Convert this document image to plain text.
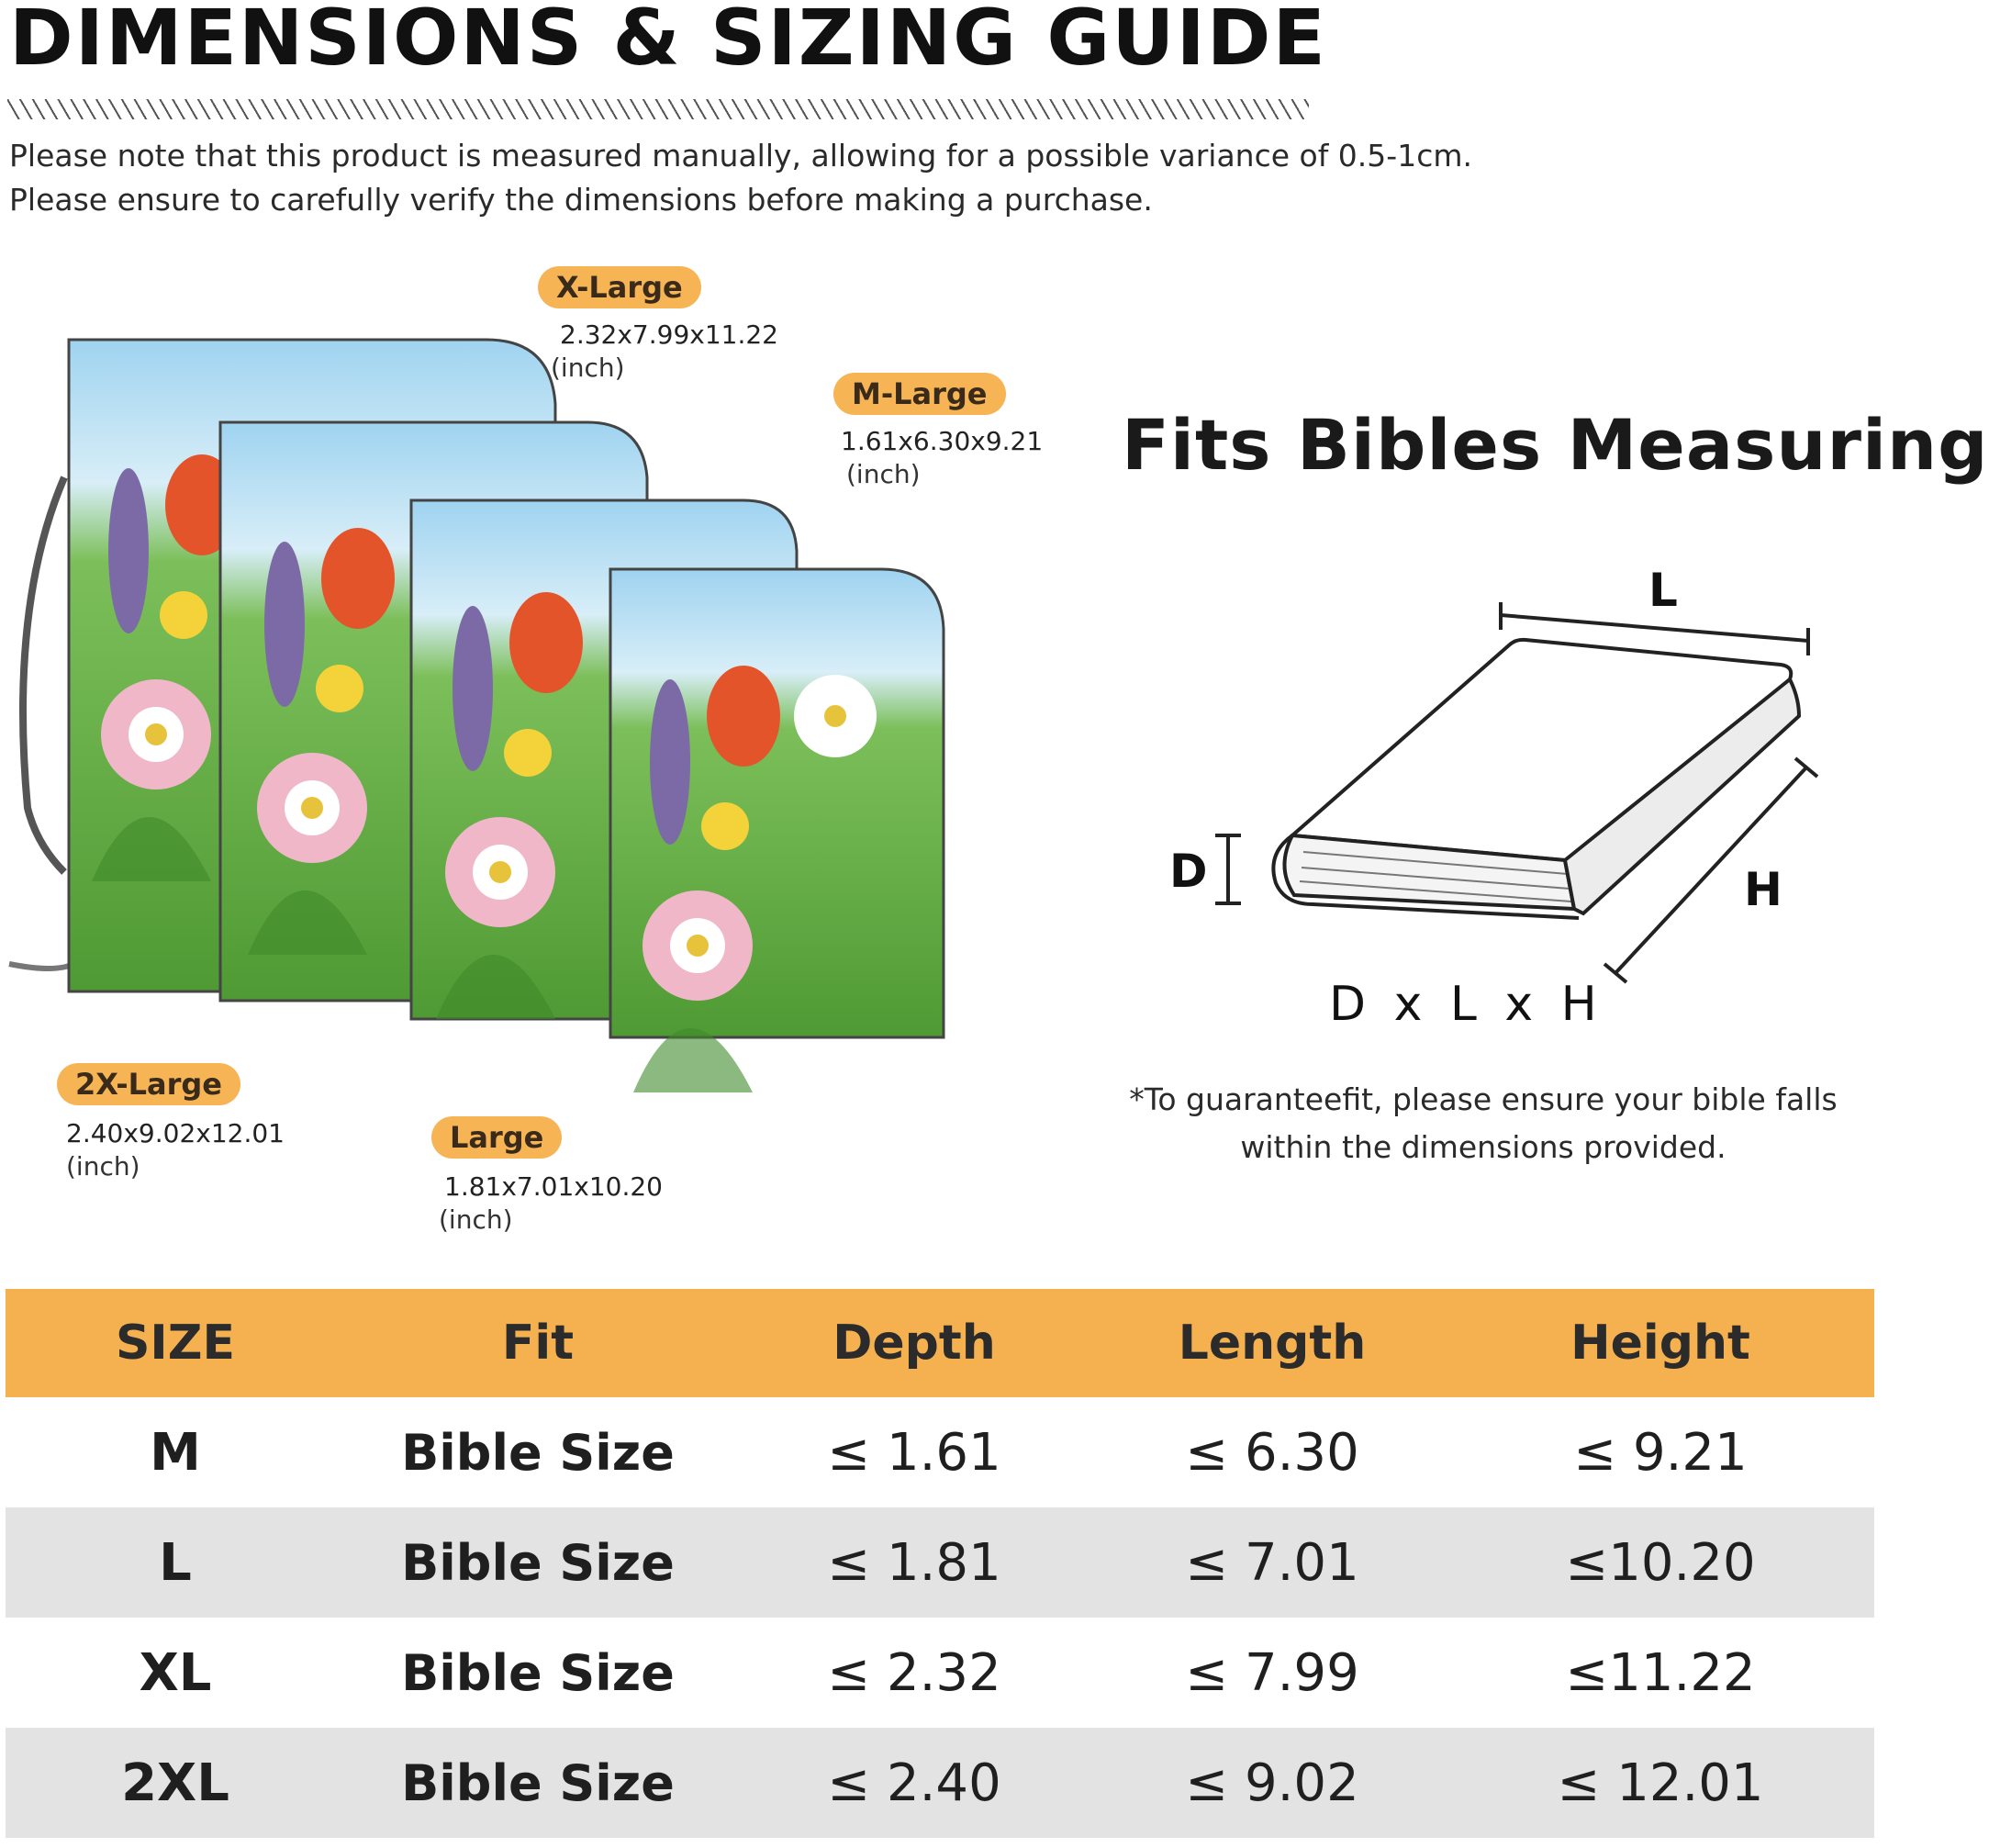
DIMENSIONS & SIZING GUIDE
Please note that this product is measured manually, allowing for a possible variance of 0.5-1cm.
Please ensure to carefully verify the dimensions before making a purchase.
X-Large
2.32x7.99x11.22
(inch)
M-Large
1.61x6.30x9.21
(inch)
2X-Large
2.40x9.02x12.01
(inch)
Large
1.81x7.01x10.20
(inch)
Fits Bibles Measuring
L
D	H
D x L x H
*To guaranteefit, please ensure your bible falls within the dimensions provided.
SIZE	Fit	Depth	Length	Height
M	Bible Size	≤ 1.61	≤ 6.30	≤ 9.21
L	Bible Size	≤ 1.81	≤ 7.01	≤10.20
XL	Bible Size	≤ 2.32	≤ 7.99	≤11.22
2XL	Bible Size	≤ 2.40	≤ 9.02	≤ 12.01
